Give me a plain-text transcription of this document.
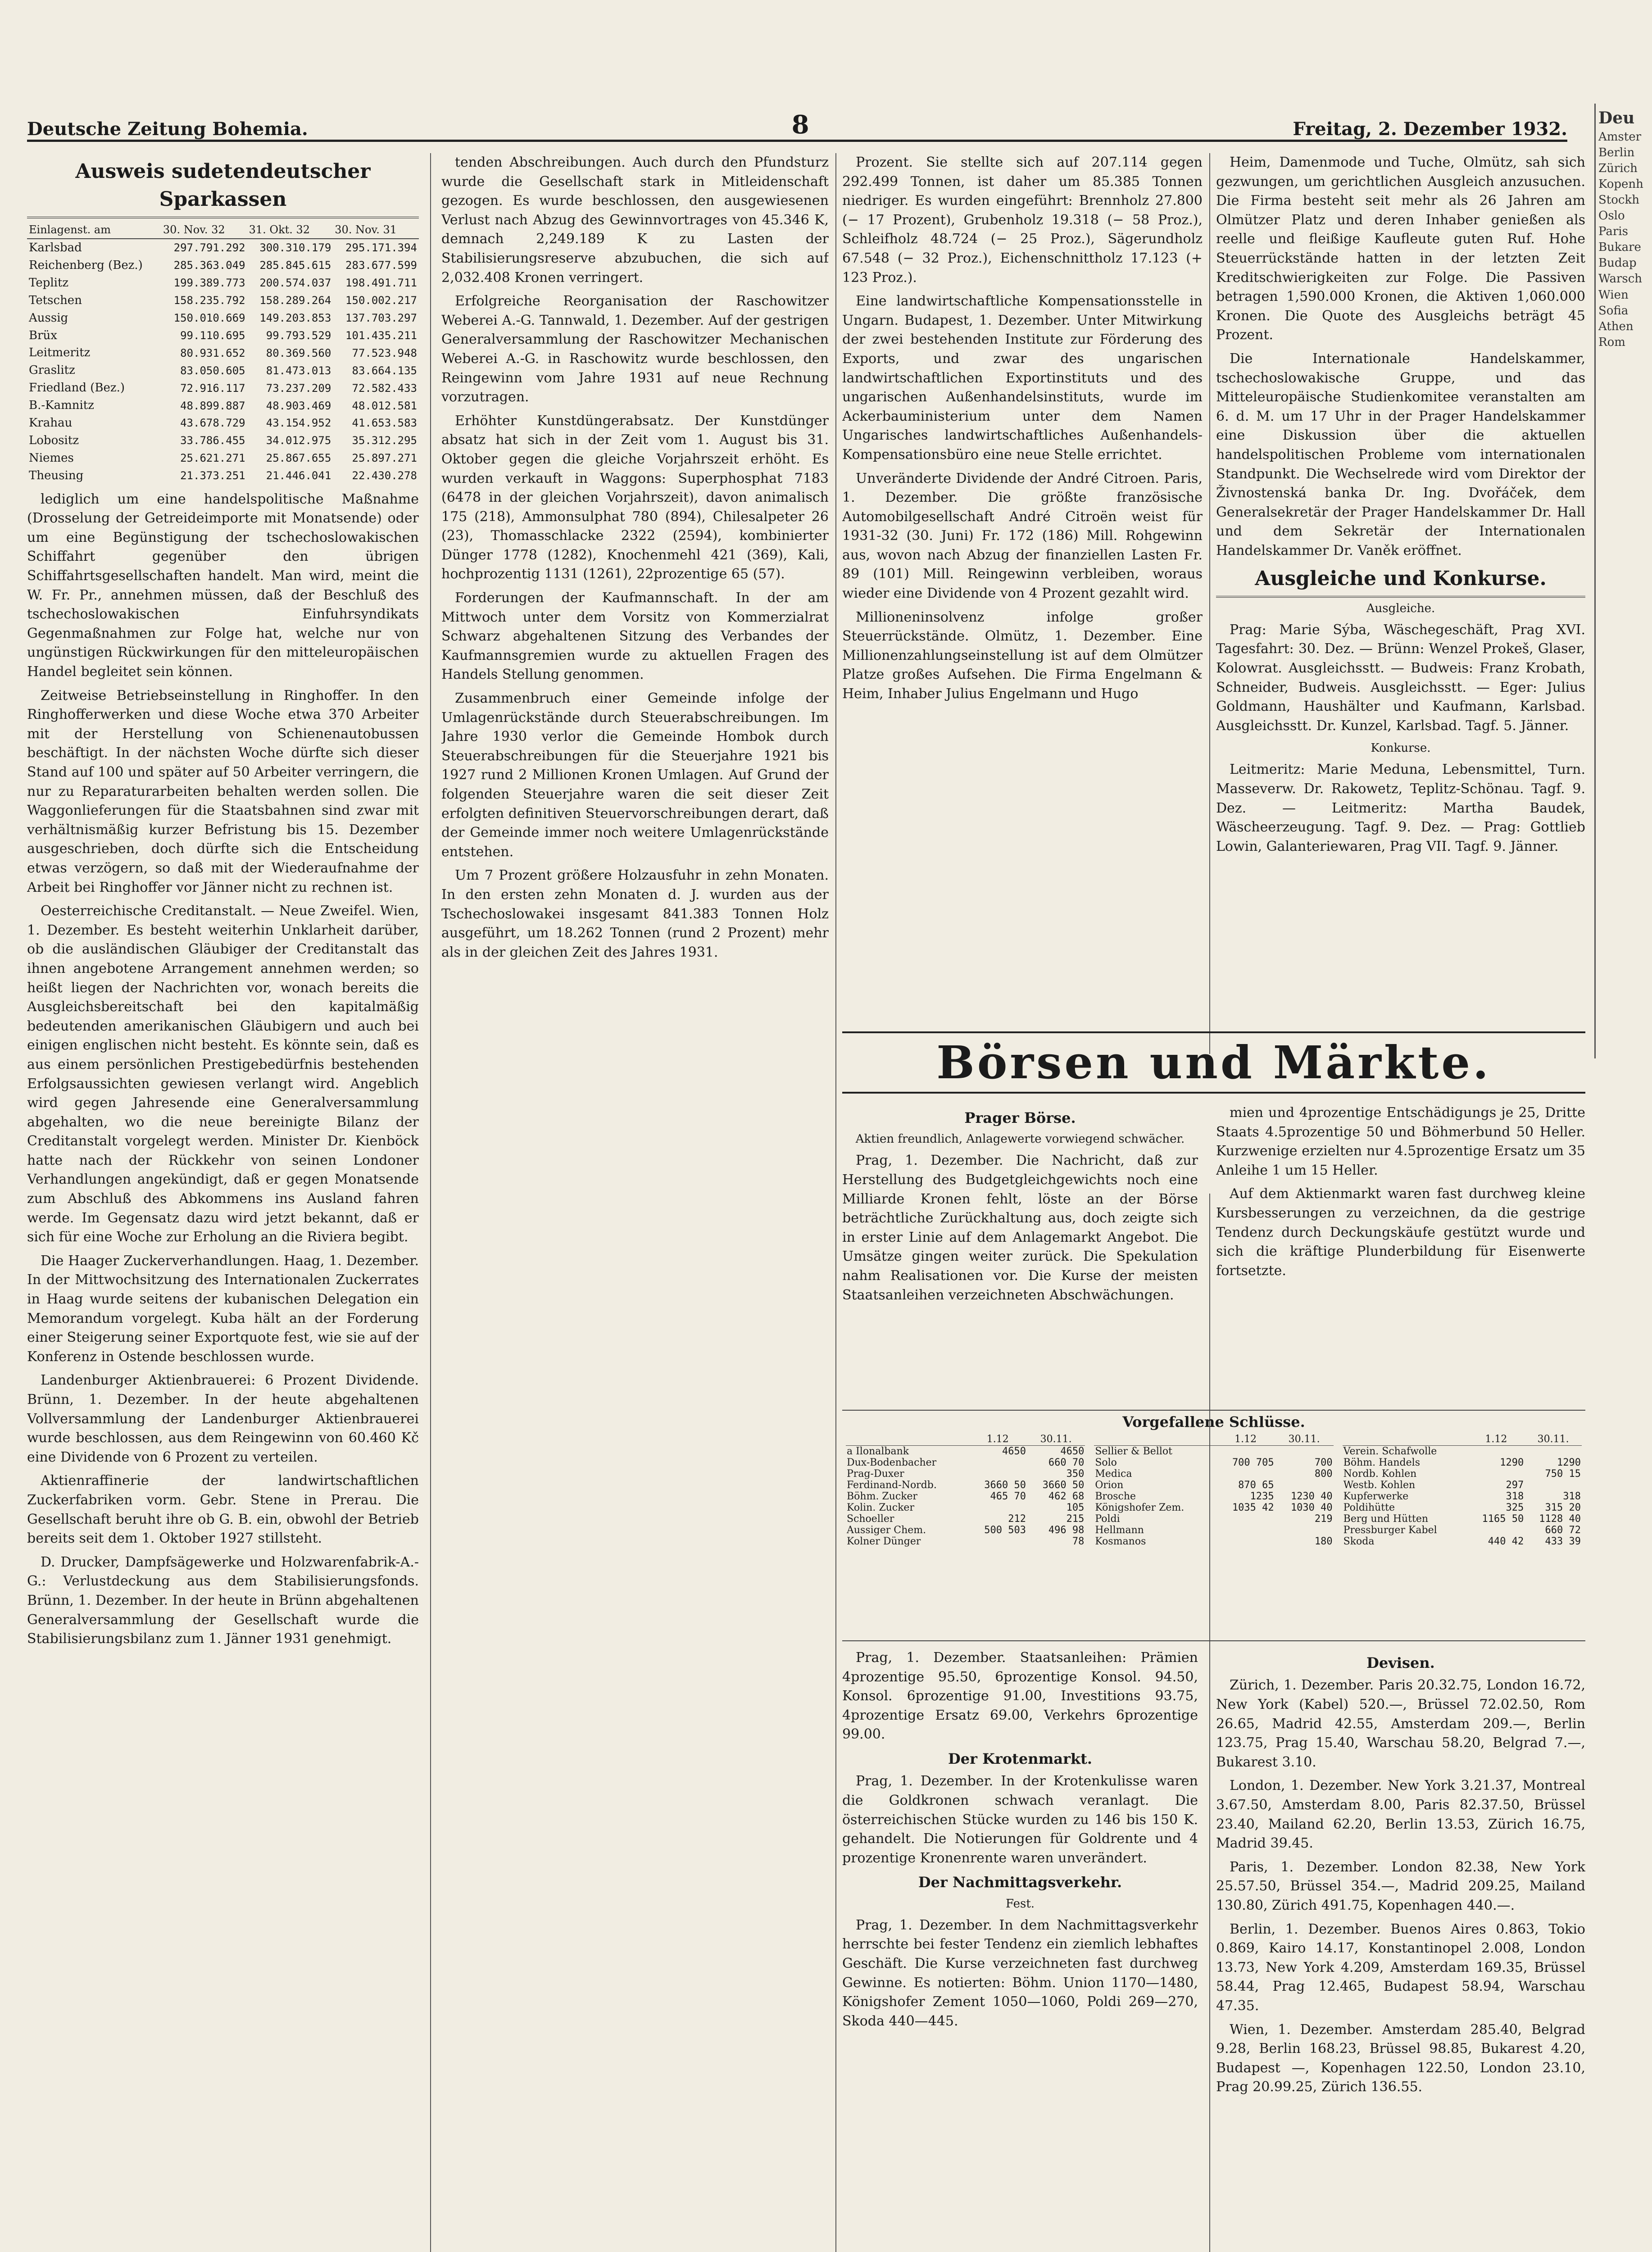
Deutsche Zeitung Bohemia.	8	Freitag, 2. Dezember 1932.
Deu
Amster
Berlin
Zürich
Kopenh
Stockh
Oslo
Paris
Bukare
Budap
Warsch
Wien
Sofia
Athen
Rom
Ausweis sudetendeutscher Sparkassen
Einlagenst. am	30. Nov. 32	31. Okt. 32	30. Nov. 31
Karlsbad	297.791.292	300.310.179	295.171.394
Reichenberg (Bez.)	285.363.049	285.845.615	283.677.599
Teplitz	199.389.773	200.574.037	198.491.711
Tetschen	158.235.792	158.289.264	150.002.217
Aussig	150.010.669	149.203.853	137.703.297
Brüx	99.110.695	99.793.529	101.435.211
Leitmeritz	80.931.652	80.369.560	77.523.948
Graslitz	83.050.605	81.473.013	83.664.135
Friedland (Bez.)	72.916.117	73.237.209	72.582.433
B.-Kamnitz	48.899.887	48.903.469	48.012.581
Krahau	43.678.729	43.154.952	41.653.583
Lobositz	33.786.455	34.012.975	35.312.295
Niemes	25.621.271	25.867.655	25.897.271
Theusing	21.373.251	21.446.041	22.430.278

lediglich um eine handelspolitische Maßnahme (Drosselung der Getreideimporte mit Monatsende) oder um eine Begünstigung der tschechoslowakischen Schiffahrt gegenüber den übrigen Schiffahrtsgesellschaften handelt. Man wird, meint die W. Fr. Pr., annehmen müssen, daß der Beschluß des tschechoslowakischen Einfuhrsyndikats Gegenmaßnahmen zur Folge hat, welche nur von ungünstigen Rückwirkungen für den mitteleuropäischen Handel begleitet sein können.

Zeitweise Betriebseinstellung in Ringhoffer. In den Ringhofferwerken und diese Woche etwa 370 Arbeiter mit der Herstellung von Schienenautobussen beschäftigt. In der nächsten Woche dürfte sich dieser Stand auf 100 und später auf 50 Arbeiter verringern, die nur zu Reparaturarbeiten behalten werden sollen. Die Waggonlieferungen für die Staatsbahnen sind zwar mit verhältnismäßig kurzer Befristung bis 15. Dezember ausgeschrieben, doch dürfte sich die Entscheidung etwas verzögern, so daß mit der Wiederaufnahme der Arbeit bei Ringhoffer vor Jänner nicht zu rechnen ist.

Oesterreichische Creditanstalt. — Neue Zweifel. Wien, 1. Dezember. Es besteht weiterhin Unklarheit darüber, ob die ausländischen Gläubiger der Creditanstalt das ihnen angebotene Arrangement annehmen werden; so heißt liegen der Nachrichten vor, wonach bereits die Ausgleichsbereitschaft bei den kapitalmäßig bedeutenden amerikanischen Gläubigern und auch bei einigen englischen nicht besteht. Es könnte sein, daß es aus einem persönlichen Prestigebedürfnis bestehenden Erfolgsaussichten gewiesen verlangt wird. Angeblich wird gegen Jahresende eine Generalversammlung abgehalten, wo die neue bereinigte Bilanz der Creditanstalt vorgelegt werden. Minister Dr. Kienböck hatte nach der Rückkehr von seinen Londoner Verhandlungen angekündigt, daß er gegen Monatsende zum Abschluß des Abkommens ins Ausland fahren werde. Im Gegensatz dazu wird jetzt bekannt, daß er sich für eine Woche zur Erholung an die Riviera begibt.

Die Haager Zuckerverhandlungen. Haag, 1. Dezember. In der Mittwochsitzung des Internationalen Zuckerrates in Haag wurde seitens der kubanischen Delegation ein Memorandum vorgelegt. Kuba hält an der Forderung einer Steigerung seiner Exportquote fest, wie sie auf der Konferenz in Ostende beschlossen wurde.

Landenburger Aktienbrauerei: 6 Prozent Dividende. Brünn, 1. Dezember. In der heute abgehaltenen Vollversammlung der Landenburger Aktienbrauerei wurde beschlossen, aus dem Reingewinn von 60.460 Kč eine Dividende von 6 Prozent zu verteilen.

Aktienraffinerie der landwirtschaftlichen Zuckerfabriken vorm. Gebr. Stene in Prerau. Die Gesellschaft beruht ihre ob G. B. ein, obwohl der Betrieb bereits seit dem 1. Oktober 1927 stillsteht.

D. Drucker, Dampfsägewerke und Holzwarenfabrik-A.-G.: Verlustdeckung aus dem Stabilisierungsfonds. Brünn, 1. Dezember. In der heute in Brünn abgehaltenen Generalversammlung der Gesellschaft wurde die Stabilisierungsbilanz zum 1. Jänner 1931 genehmigt.

tenden Abschreibungen. Auch durch den Pfundsturz wurde die Gesellschaft stark in Mitleidenschaft gezogen. Es wurde beschlossen, den ausgewiesenen Verlust nach Abzug des Gewinnvortrages von 45.346 K, demnach 2,249.189 K zu Lasten der Stabilisierungsreserve abzubuchen, die sich auf 2,032.408 Kronen verringert.

Erfolgreiche Reorganisation der Raschowitzer Weberei A.-G. Tannwald, 1. Dezember. Auf der gestrigen Generalversammlung der Raschowitzer Mechanischen Weberei A.-G. in Raschowitz wurde beschlossen, den Reingewinn vom Jahre 1931 auf neue Rechnung vorzutragen.

Erhöhter Kunstdüngerabsatz. Der Kunstdünger absatz hat sich in der Zeit vom 1. August bis 31. Oktober gegen die gleiche Vorjahrszeit erhöht. Es wurden verkauft in Waggons: Superphosphat 7183 (6478 in der gleichen Vorjahrszeit), davon animalisch 175 (218), Ammonsulphat 780 (894), Chilesalpeter 26 (23), Thomasschlacke 2322 (2594), kombinierter Dünger 1778 (1282), Knochenmehl 421 (369), Kali, hochprozentig 1131 (1261), 22prozentige 65 (57).

Forderungen der Kaufmannschaft. In der am Mittwoch unter dem Vorsitz von Kommerzialrat Schwarz abgehaltenen Sitzung des Verbandes der Kaufmannsgremien wurde zu aktuellen Fragen des Handels Stellung genommen.

Zusammenbruch einer Gemeinde infolge der Umlagenrückstände durch Steuerabschreibungen. Im Jahre 1930 verlor die Gemeinde Hombok durch Steuerabschreibungen für die Steuerjahre 1921 bis 1927 rund 2 Millionen Kronen Umlagen. Auf Grund der folgenden Steuerjahre waren die seit dieser Zeit erfolgten definitiven Steuervorschreibungen derart, daß der Gemeinde immer noch weitere Umlagenrückstände entstehen.

Um 7 Prozent größere Holzausfuhr in zehn Monaten. In den ersten zehn Monaten d. J. wurden aus der Tschechoslowakei insgesamt 841.383 Tonnen Holz ausgeführt, um 18.262 Tonnen (rund 2 Prozent) mehr als in der gleichen Zeit des Jahres 1931.

Prozent. Sie stellte sich auf 207.114 gegen 292.499 Tonnen, ist daher um 85.385 Tonnen niedriger. Es wurden eingeführt: Brennholz 27.800 (− 17 Prozent), Grubenholz 19.318 (− 58 Proz.), Schleifholz 48.724 (− 25 Proz.), Sägerundholz 67.548 (− 32 Proz.), Eichenschnittholz 17.123 (+ 123 Proz.).

Eine landwirtschaftliche Kompensationsstelle in Ungarn. Budapest, 1. Dezember. Unter Mitwirkung der zwei bestehenden Institute zur Förderung des Exports, und zwar des ungarischen landwirtschaftlichen Exportinstituts und des ungarischen Außenhandelsinstituts, wurde im Ackerbauministerium unter dem Namen Ungarisches landwirtschaftliches Außenhandels-Kompensationsbüro eine neue Stelle errichtet.

Unveränderte Dividende der André Citroen. Paris, 1. Dezember. Die größte französische Automobilgesellschaft André Citroën weist für 1931-32 (30. Juni) Fr. 172 (186) Mill. Rohgewinn aus, wovon nach Abzug der finanziellen Lasten Fr. 89 (101) Mill. Reingewinn verbleiben, woraus wieder eine Dividende von 4 Prozent gezahlt wird.

Millioneninsolvenz infolge großer Steuerrückstände. Olmütz, 1. Dezember. Eine Millionenzahlungseinstellung ist auf dem Olmützer Platze großes Aufsehen. Die Firma Engelmann & Heim, Inhaber Julius Engelmann und Hugo

Heim, Damenmode und Tuche, Olmütz, sah sich gezwungen, um gerichtlichen Ausgleich anzusuchen. Die Firma besteht seit mehr als 26 Jahren am Olmützer Platz und deren Inhaber genießen als reelle und fleißige Kaufleute guten Ruf. Hohe Steuerrückstände hatten in der letzten Zeit Kreditschwierigkeiten zur Folge. Die Passiven betragen 1,590.000 Kronen, die Aktiven 1,060.000 Kronen. Die Quote des Ausgleichs beträgt 45 Prozent.

Die Internationale Handelskammer, tschechoslowakische Gruppe, und das Mitteleuropäische Studienkomitee veranstalten am 6. d. M. um 17 Uhr in der Prager Handelskammer eine Diskussion über die aktuellen handelspolitischen Probleme vom internationalen Standpunkt. Die Wechselrede wird vom Direktor der Živnostenská banka Dr. Ing. Dvořáček, dem Generalsekretär der Prager Handelskammer Dr. Hall und dem Sekretär der Internationalen Handelskammer Dr. Vaněk eröffnet.

Ausgleiche und Konkurse.
Ausgleiche.

Prag: Marie Sýba, Wäschegeschäft, Prag XVI. Tagesfahrt: 30. Dez. — Brünn: Wenzel Prokeš, Glaser, Kolowrat. Ausgleichsstt. — Budweis: Franz Krobath, Schneider, Budweis. Ausgleichsstt. — Eger: Julius Goldmann, Haushälter und Kaufmann, Karlsbad. Ausgleichsstt. Dr. Kunzel, Karlsbad. Tagf. 5. Jänner.

Konkurse.

Leitmeritz: Marie Meduna, Lebensmittel, Turn. Masseverw. Dr. Rakowetz, Teplitz-Schönau. Tagf. 9. Dez. — Leitmeritz: Martha Baudek, Wäscheerzeugung. Tagf. 9. Dez. — Prag: Gottlieb Lowin, Galanteriewaren, Prag VII. Tagf. 9. Jänner.

Börsen und Märkte.
Prager Börse.
Aktien freundlich, Anlagewerte vorwiegend schwächer.

Prag, 1. Dezember. Die Nachricht, daß zur Herstellung des Budgetgleichgewichts noch eine Milliarde Kronen fehlt, löste an der Börse beträchtliche Zurückhaltung aus, doch zeigte sich in erster Linie auf dem Anlagemarkt Angebot. Die Umsätze gingen weiter zurück. Die Spekulation nahm Realisationen vor. Die Kurse der meisten Staatsanleihen verzeichneten Abschwächungen.

mien und 4prozentige Entschädigungs je 25, Dritte Staats 4.5prozentige 50 und Böhmerbund 50 Heller. Kurzwenige erzielten nur 4.5prozentige Ersatz um 35 Anleihe 1 um 15 Heller.

Auf dem Aktienmarkt waren fast durchweg kleine Kursbesserungen zu verzeichnen, da die gestrige Tendenz durch Deckungskäufe gestützt wurde und sich die kräftige Plunderbildung für Eisenwerte fortsetzte.

Vorgefallene Schlüsse.
	1.12	30.11.
a Ilonalbank	4650	4650
Dux-Bodenbacher		660 70
Prag-Duxer		350
Ferdinand-Nordb.	3660 50	3660 50
Böhm. Zucker	465 70	462 68
Kolin. Zucker		105
Schoeller	212	215
Aussiger Chem.	500 503	496 98
Kolner Dünger		78
	1.12	30.11.
Sellier & Bellot		
Solo	700 705	700
Medica		800
Orion	870 65	
Brosche	1235	1230 40
Königshofer Zem.	1035 42	1030 40
Poldi		219
Hellmann		
Kosmanos		180
	1.12	30.11.
Verein. Schafwolle		
Böhm. Handels	1290	1290
Nordb. Kohlen		750 15
Westb. Kohlen	297	
Kupferwerke	318	318
Poldihütte	325	315 20
Berg und Hütten	1165 50	1128 40
Pressburger Kabel		660 72
Skoda	440 42	433 39

Prag, 1. Dezember. Staatsanleihen: Prämien 4prozentige 95.50, 6prozentige Konsol. 94.50, Konsol. 6prozentige 91.00, Investitions 93.75, 4prozentige Ersatz 69.00, Verkehrs 6prozentige 99.00.

Der Krotenmarkt.

Prag, 1. Dezember. In der Krotenkulisse waren die Goldkronen schwach veranlagt. Die österreichischen Stücke wurden zu 146 bis 150 K. gehandelt. Die Notierungen für Goldrente und 4 prozentige Kronenrente waren unverändert.

Der Nachmittagsverkehr.
Fest.

Prag, 1. Dezember. In dem Nachmittagsverkehr herrschte bei fester Tendenz ein ziemlich lebhaftes Geschäft. Die Kurse verzeichneten fast durchweg Gewinne. Es notierten: Böhm. Union 1170—1480, Königshofer Zement 1050—1060, Poldi 269—270, Skoda 440—445.

Devisen.

Zürich, 1. Dezember. Paris 20.32.75, London 16.72, New York (Kabel) 520.—, Brüssel 72.02.50, Rom 26.65, Madrid 42.55, Amsterdam 209.—, Berlin 123.75, Prag 15.40, Warschau 58.20, Belgrad 7.—, Bukarest 3.10.

London, 1. Dezember. New York 3.21.37, Montreal 3.67.50, Amsterdam 8.00, Paris 82.37.50, Brüssel 23.40, Mailand 62.20, Berlin 13.53, Zürich 16.75, Madrid 39.45.

Paris, 1. Dezember. London 82.38, New York 25.57.50, Brüssel 354.—, Madrid 209.25, Mailand 130.80, Zürich 491.75, Kopenhagen 440.—.

Berlin, 1. Dezember. Buenos Aires 0.863, Tokio 0.869, Kairo 14.17, Konstantinopel 2.008, London 13.73, New York 4.209, Amsterdam 169.35, Brüssel 58.44, Prag 12.465, Budapest 58.94, Warschau 47.35.

Wien, 1. Dezember. Amsterdam 285.40, Belgrad 9.28, Berlin 168.23, Brüssel 98.85, Bukarest 4.20, Budapest —, Kopenhagen 122.50, London 23.10, Prag 20.99.25, Zürich 136.55.
